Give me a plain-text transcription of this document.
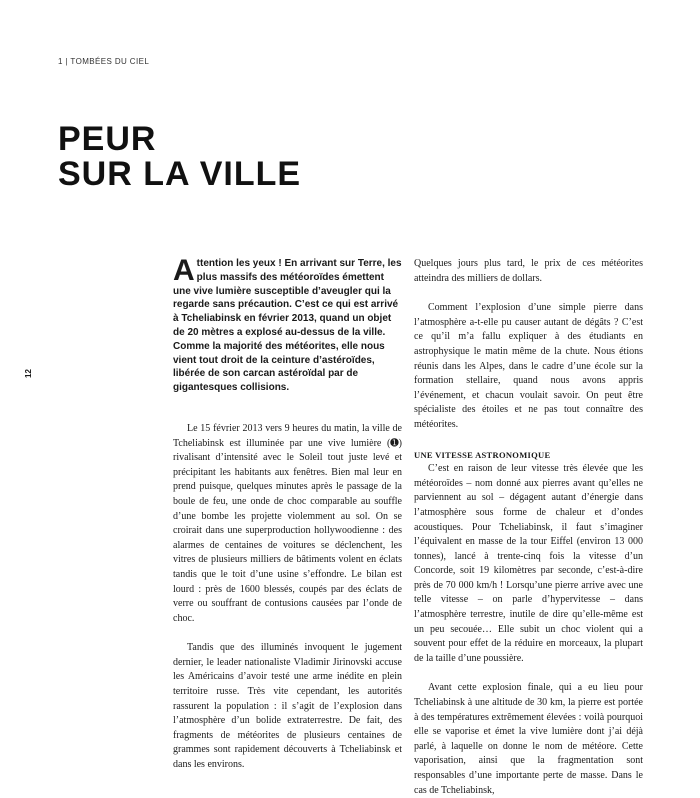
1 | TOMBÉES DU CIEL
PEUR
SUR LA VILLE
12

Attention les yeux ! En arrivant sur Terre, les plus massifs des météoroïdes émettent une vive lumière susceptible d’aveugler qui la regarde sans précaution. C’est ce qui est arrivé à Tcheliabinsk en février 2013, quand un objet de 20 mètres a explosé au-dessus de la ville. Comme la majorité des météorites, elle nous vient tout droit de la ceinture d’astéroïdes, libérée de son carcan astéroïdal par de gigantesques collisions.

Le 15 février 2013 vers 9 heures du matin, la ville de Tcheliabinsk est illuminée par une vive lumière (➊) rivalisant d’intensité avec le Soleil tout juste levé et précipitant les habitants aux fenêtres. Bien mal leur en prend puisque, quelques minutes après le passage de la boule de feu, une onde de choc comparable au souffle d’une bombe les projette violemment au sol. On se croirait dans une superproduction hollywoodienne : des alarmes de centaines de voitures se déclenchent, les vitres de plusieurs milliers de bâtiments volent en éclats tandis que le toit d’une usine s’effondre. Le bilan est lourd : près de 1600 blessés, coupés par des éclats de verre ou souffrant de contusions causées par l’onde de choc.

Tandis que des illuminés invoquent le jugement dernier, le leader nationaliste Vladimir Jirinovski accuse les Américains d’avoir testé une arme inédite en plein territoire russe. Très vite cependant, les autorités rassurent la population : il s’agit de l’explosion dans l’atmosphère d’un bolide extraterrestre. De fait, des fragments de météorites de plusieurs centaines de grammes sont rapidement découverts à Tcheliabinsk et dans les environs.

Quelques jours plus tard, le prix de ces météorites atteindra des milliers de dollars.

Comment l’explosion d’une simple pierre dans l’atmosphère a-t-elle pu causer autant de dégâts ? C’est ce qu’il m’a fallu expliquer à des étudiants en astrophysique le matin même de la chute. Nous étions réunis dans les Alpes, dans le cadre d’une école sur la formation stellaire, quand nous avons appris l’événement, et chacun voulait savoir. On peut être spécialiste des étoiles et ne pas tout connaître des météorites.

UNE VITESSE ASTRONOMIQUE

C’est en raison de leur vitesse très élevée que les météoroïdes – nom donné aux pierres avant qu’elles ne parviennent au sol – dégagent autant d’énergie dans l’atmosphère sous forme de chaleur et d’ondes acoustiques. Pour Tcheliabinsk, il faut s’imaginer l’équivalent en masse de la tour Eiffel (environ 13 000 tonnes), lancé à trente-cinq fois la vitesse d’un Concorde, soit 19 kilomètres par seconde, c’est-à-dire près de 70 000 km/h ! Lorsqu’une pierre arrive avec une telle vitesse – on parle d’hypervitesse – dans l’atmosphère terrestre, inutile de dire qu’elle-même est un peu secouée… Elle subit un choc violent qui a souvent pour effet de la réduire en morceaux, la plupart de la taille d’une poussière.

Avant cette explosion finale, qui a eu lieu pour Tcheliabinsk à une altitude de 30 km, la pierre est portée à des températures extrêmement élevées : voilà pourquoi elle se vaporise et émet la vive lumière dont j’ai déjà parlé, à laquelle on donne le nom de météore. Cette vaporisation, ainsi que la fragmentation sont responsables d’une importante perte de masse. Dans le cas de Tcheliabinsk,
